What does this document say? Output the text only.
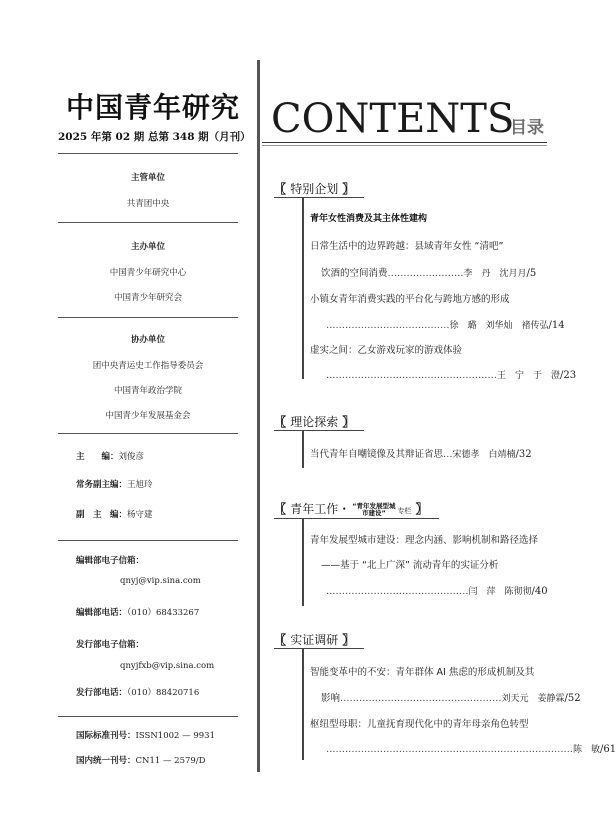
中国青年研究
2025 年第 02 期 总第 348 期（月刊）
主管单位
共青团中央
主办单位
中国青少年研究中心
中国青少年研究会
协办单位
团中央青运史工作指导委员会
中国青年政治学院
中国青少年发展基金会
主　　编：刘俊彦
常务副主编：王旭玲
副　主　编：杨守建
编辑部电子信箱：
qnyj@vip.sina.com
编辑部电话：（010）68433267
发行部电子信箱：
qnyjfxb@vip.sina.com
发行部电话：（010）88420716
国际标准刊号：ISSN1002 — 9931
国内统一刊号：CN11 — 2579/D
CONTENTS
目录
〖 特别企划 〗
青年女性消费及其主体性建构
日常生活中的边界跨越：县域青年女性 “清吧”
饮酒的空间消费……………………李　丹　沈月月/5
小镇女青年消费实践的平台化与跨地方感的形成
…………………………………徐　璐　刘华灿　褚传弘/14
虚实之间：乙女游戏玩家的游戏体验
………………………………………………王　宁　于　澄/23
〖 理论探索 〗
当代青年自嘲镜像及其辩证省思…宋德孝　白靖楠/32
〖 青年工作・ “青年发展型城
市建设” 专栏 〗
青年发展型城市建设：理念内涵、影响机制和路径选择
——基于 “北上广深” 流动青年的实证分析
………………………………………闫　萍　陈彻彻/40
〖 实证调研 〗
智能变革中的不安：青年群体 AI 焦虑的形成机制及其
影响……………………………………………刘天元　姜静霖/52
枢纽型母职：儿童抚育现代化中的青年母亲角色转型
……………………………………………………………………陈　敏/61
